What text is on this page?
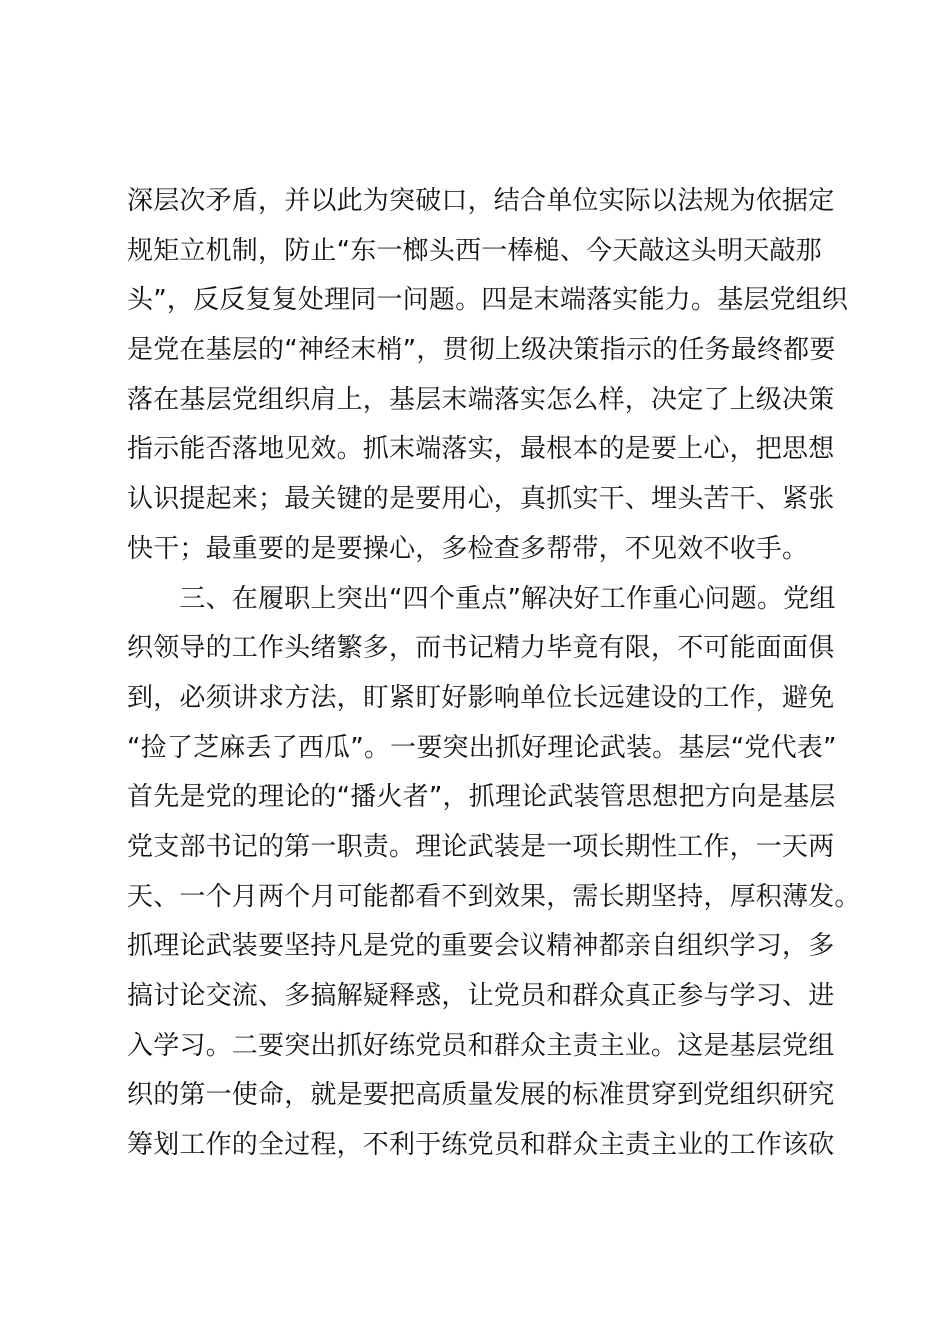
深层次矛盾，并以此为突破口，结合单位实际以法规为依据定
规矩立机制，防止“东一榔头西一棒槌、今天敲这头明天敲那
头”，反反复复处理同一问题。四是末端落实能力。基层党组织
是党在基层的“神经末梢”，贯彻上级决策指示的任务最终都要
落在基层党组织肩上，基层末端落实怎么样，决定了上级决策
指示能否落地见效。抓末端落实，最根本的是要上心，把思想
认识提起来；最关键的是要用心，真抓实干、埋头苦干、紧张
快干；最重要的是要操心，多检查多帮带，不见效不收手。
　　三、在履职上突出“四个重点”解决好工作重心问题。党组
织领导的工作头绪繁多，而书记精力毕竟有限，不可能面面俱
到，必须讲求方法，盯紧盯好影响单位长远建设的工作，避免
“捡了芝麻丢了西瓜”。一要突出抓好理论武装。基层“党代表”
首先是党的理论的“播火者”，抓理论武装管思想把方向是基层
党支部书记的第一职责。理论武装是一项长期性工作，一天两
天、一个月两个月可能都看不到效果，需长期坚持，厚积薄发。
抓理论武装要坚持凡是党的重要会议精神都亲自组织学习，多
搞讨论交流、多搞解疑释惑，让党员和群众真正参与学习、进
入学习。二要突出抓好练党员和群众主责主业。这是基层党组
织的第一使命，就是要把高质量发展的标准贯穿到党组织研究
筹划工作的全过程，不利于练党员和群众主责主业的工作该砍
